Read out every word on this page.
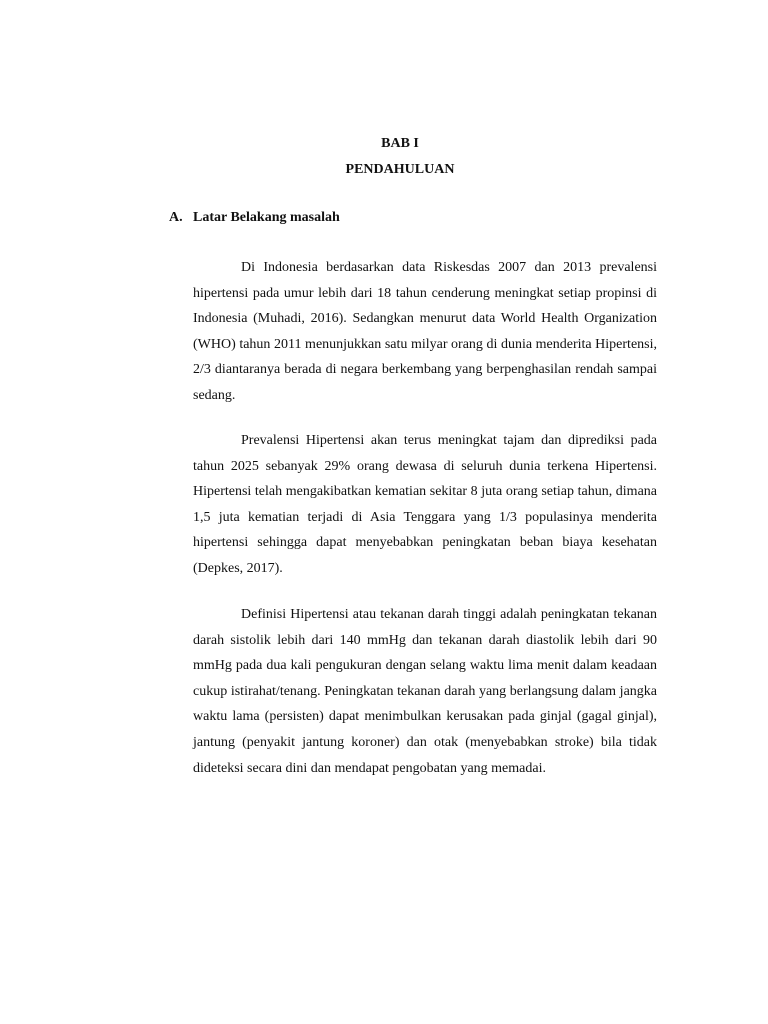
BAB I
PENDAHULUAN
A. Latar Belakang masalah

Di Indonesia berdasarkan data Riskesdas 2007 dan 2013 prevalensi hipertensi pada umur lebih dari 18 tahun cenderung meningkat setiap propinsi di Indonesia (Muhadi, 2016). Sedangkan menurut data World Health Organization (WHO) tahun 2011 menunjukkan satu milyar orang di dunia menderita Hipertensi, 2/3 diantaranya berada di negara berkembang yang berpenghasilan rendah sampai sedang.

Prevalensi Hipertensi akan terus meningkat tajam dan diprediksi pada tahun 2025 sebanyak 29% orang dewasa di seluruh dunia terkena Hipertensi. Hipertensi telah mengakibatkan kematian sekitar 8 juta orang setiap tahun, dimana 1,5 juta kematian terjadi di Asia Tenggara yang 1/3 populasinya menderita hipertensi sehingga dapat menyebabkan peningkatan beban biaya kesehatan (Depkes, 2017).

Definisi Hipertensi atau tekanan darah tinggi adalah peningkatan tekanan darah sistolik lebih dari 140 mmHg dan tekanan darah diastolik lebih dari 90 mmHg pada dua kali pengukuran dengan selang waktu lima menit dalam keadaan cukup istirahat/tenang. Peningkatan tekanan darah yang berlangsung dalam jangka waktu lama (persisten) dapat menimbulkan kerusakan pada ginjal (gagal ginjal), jantung (penyakit jantung koroner) dan otak (menyebabkan stroke) bila tidak dideteksi secara dini dan mendapat pengobatan yang memadai.
